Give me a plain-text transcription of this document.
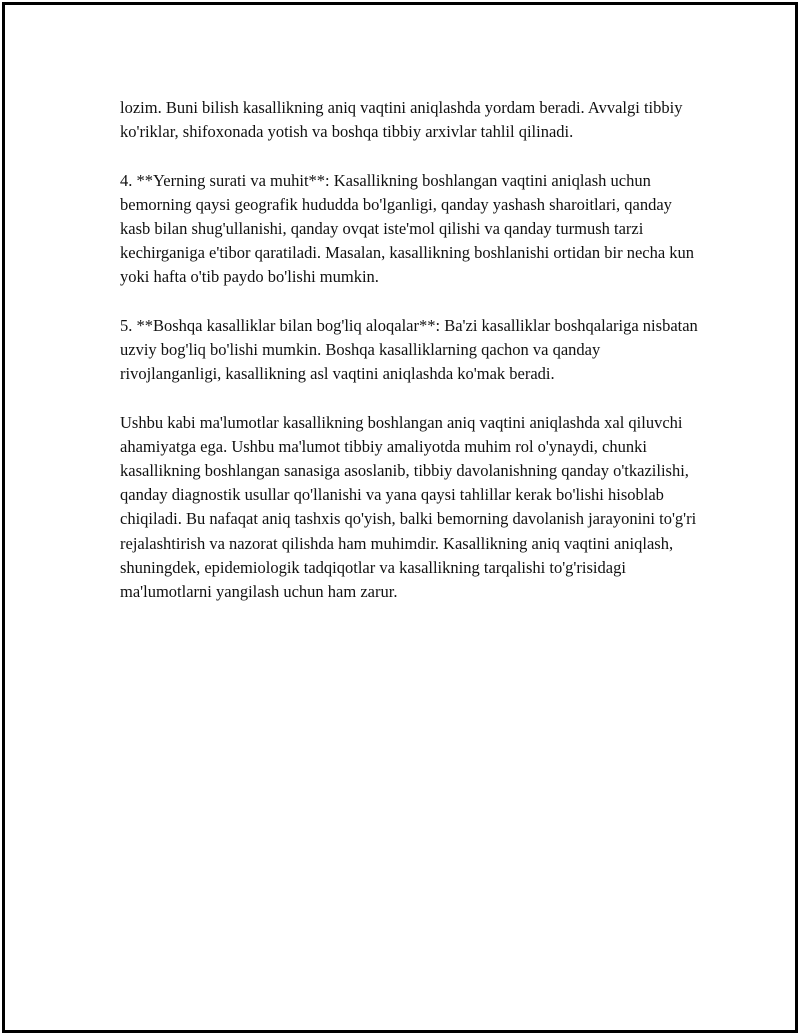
lozim. Buni bilish kasallikning aniq vaqtini aniqlashda yordam beradi. Avvalgi tibbiy ko'riklar, shifoxonada yotish va boshqa tibbiy arxivlar tahlil qilinadi.

4. **Yerning surati va muhit**: Kasallikning boshlangan vaqtini aniqlash uchun bemorning qaysi geografik hududda bo'lganligi, qanday yashash sharoitlari, qanday kasb bilan shug'ullanishi, qanday ovqat iste'mol qilishi va qanday turmush tarzi kechirganiga e'tibor qaratiladi. Masalan, kasallikning boshlanishi ortidan bir necha kun yoki hafta o'tib paydo bo'lishi mumkin.

5. **Boshqa kasalliklar bilan bog'liq aloqalar**: Ba'zi kasalliklar boshqalariga nisbatan uzviy bog'liq bo'lishi mumkin. Boshqa kasalliklarning qachon va qanday rivojlanganligi, kasallikning asl vaqtini aniqlashda ko'mak beradi.

Ushbu kabi ma'lumotlar kasallikning boshlangan aniq vaqtini aniqlashda xal qiluvchi ahamiyatga ega. Ushbu ma'lumot tibbiy amaliyotda muhim rol o'ynaydi, chunki kasallikning boshlangan sanasiga asoslanib, tibbiy davolanishning qanday o'tkazilishi, qanday diagnostik usullar qo'llanishi va yana qaysi tahlillar kerak bo'lishi hisoblab chiqiladi. Bu nafaqat aniq tashxis qo'yish, balki bemorning davolanish jarayonini to'g'ri rejalashtirish va nazorat qilishda ham muhimdir. Kasallikning aniq vaqtini aniqlash, shuningdek, epidemiologik tadqiqotlar va kasallikning tarqalishi to'g'risidagi ma'lumotlarni yangilash uchun ham zarur.
